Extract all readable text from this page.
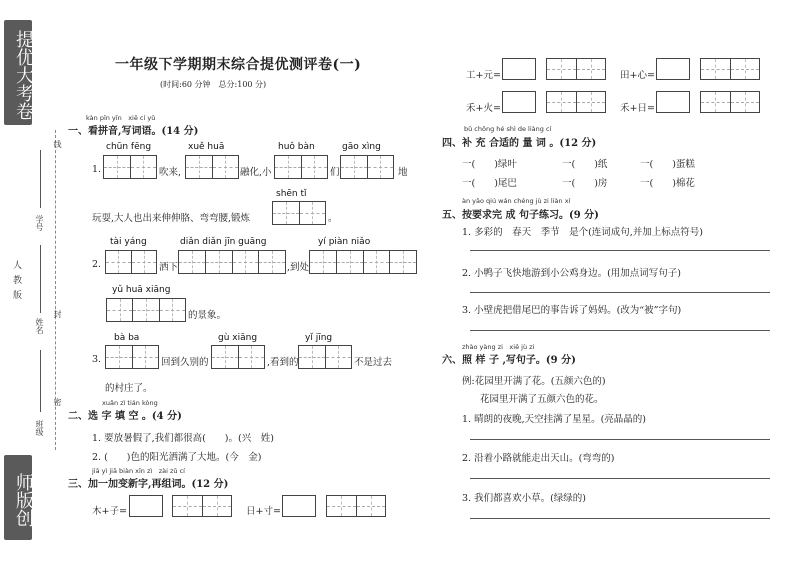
提优大考卷
线
封
密
人教版
学号
姓名
班级
师版创
一年级下学期期末综合提优测评卷(一)
(时间:60 分钟　总分:100 分)
kàn pīn yīn　xiě cí yǔ
一、看拼音,写词语。(14 分)
chūn fēng	xuě huā	huǒ bàn	gāo xìng
1.	吹来,	融化,小	们	地
shēn tǐ
玩耍,大人也出来伸伸胳、弯弯腰,锻炼	。
tài yáng	diǎn diǎn jīn guāng	yí piàn niǎo
2.	洒下	,到处
yǔ huā xiāng
的景象。
bà ba	gù xiāng	yǐ jīng
3.	回到久别的	,看到的	不是过去
的村庄了。
xuǎn zì tián kòng
二、选 字 填 空 。(4 分)
1. 要放暑假了,我们都很高(　　)。(兴　姓)
2. (　　)色的阳光洒满了大地。(今　金)
jiā yì jiā biàn xīn zì　zài zǔ cí
三、加一加变新字,再组词。(12 分)
木+子=	日+寸=
工+元=	田+心=
禾+火=	禾+日=
bǔ chōng hé shì de liàng cí
四、补 充 合适的 量 词 。(12 分)
一(　　)绿叶	一(　　)纸	一(　　)蛋糕
一(　　)尾巴	一(　　)房	一(　　)棉花
àn yāo qiú wán chéng jù zi liàn xí
五、按要求完 成 句子练习。(9 分)
1. 多彩的　春天　季节　是个(连词成句,并加上标点符号)
2. 小鸭子飞快地游到小公鸡身边。(用加点词写句子)
3. 小壁虎把借尾巴的事告诉了妈妈。(改为“被”字句)
zhào yàng zi　xiě jù zi
六、照 样 子 ,写句子。(9 分)
例:花园里开满了花。(五颜六色的)
花园里开满了五颜六色的花。
1. 晴朗的夜晚,天空挂满了星星。(亮晶晶的)
2. 沿着小路就能走出天山。(弯弯的)
3. 我们都喜欢小草。(绿绿的)
